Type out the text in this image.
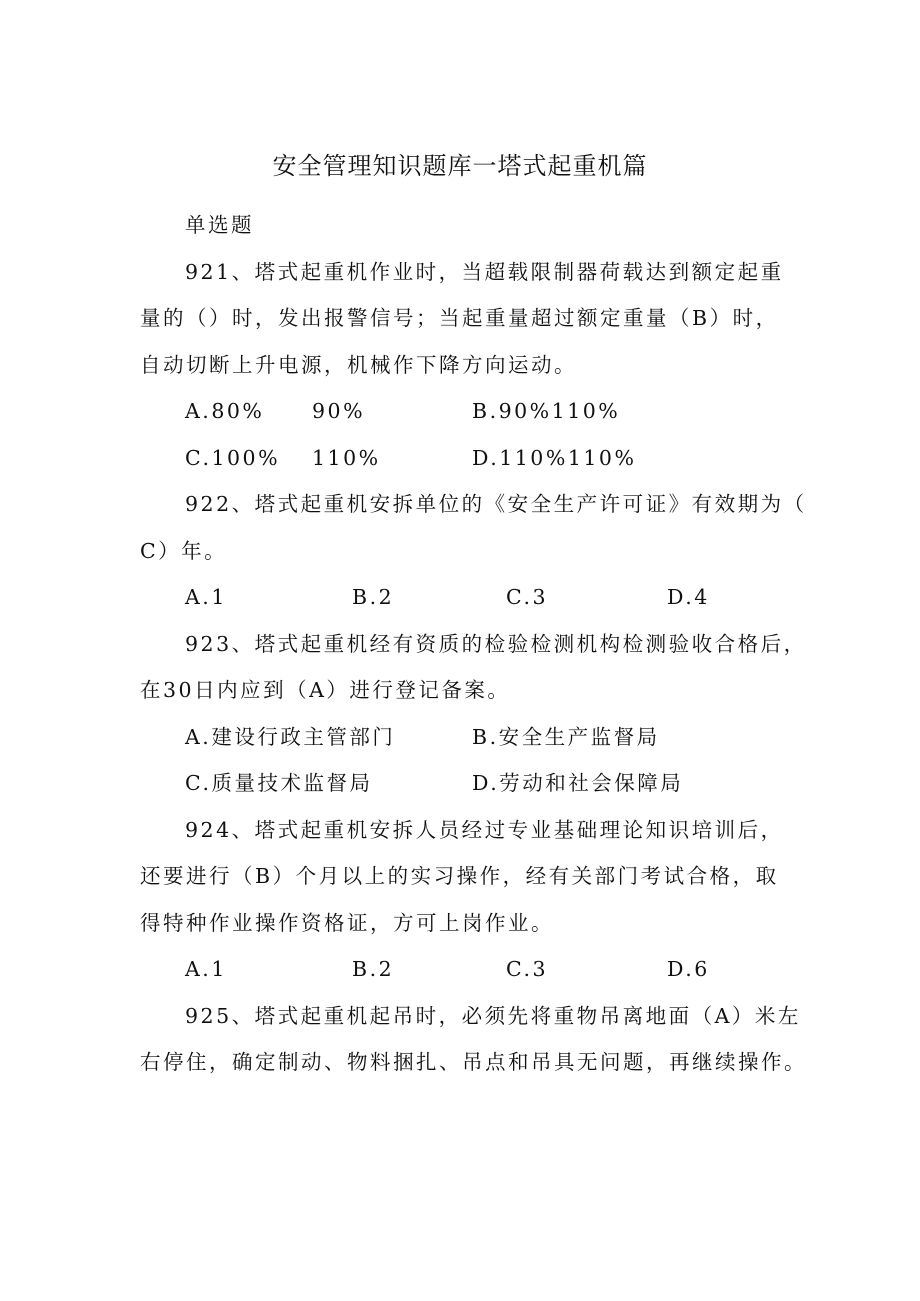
安全管理知识题库一塔式起重机篇
单选题
921、塔式起重机作业时，当超载限制器荷载达到额定起重
量的（）时，发出报警信号；当起重量超过额定重量（B）时，
自动切断上升电源，机械作下降方向运动。
A.80% 90%	B.90%110%
C.100% 110%	D.110%110%
922、塔式起重机安拆单位的《安全生产许可证》有效期为（
C）年。
A.1	B.2	C.3	D.4
923、塔式起重机经有资质的检验检测机构检测验收合格后，
在30日内应到（A）进行登记备案。
A.建设行政主管部门	B.安全生产监督局
C.质量技术监督局	D.劳动和社会保障局
924、塔式起重机安拆人员经过专业基础理论知识培训后，
还要进行（B）个月以上的实习操作，经有关部门考试合格，取
得特种作业操作资格证，方可上岗作业。
A.1	B.2	C.3	D.6
925、塔式起重机起吊时，必须先将重物吊离地面（A）米左
右停住，确定制动、物料捆扎、吊点和吊具无问题，再继续操作。
